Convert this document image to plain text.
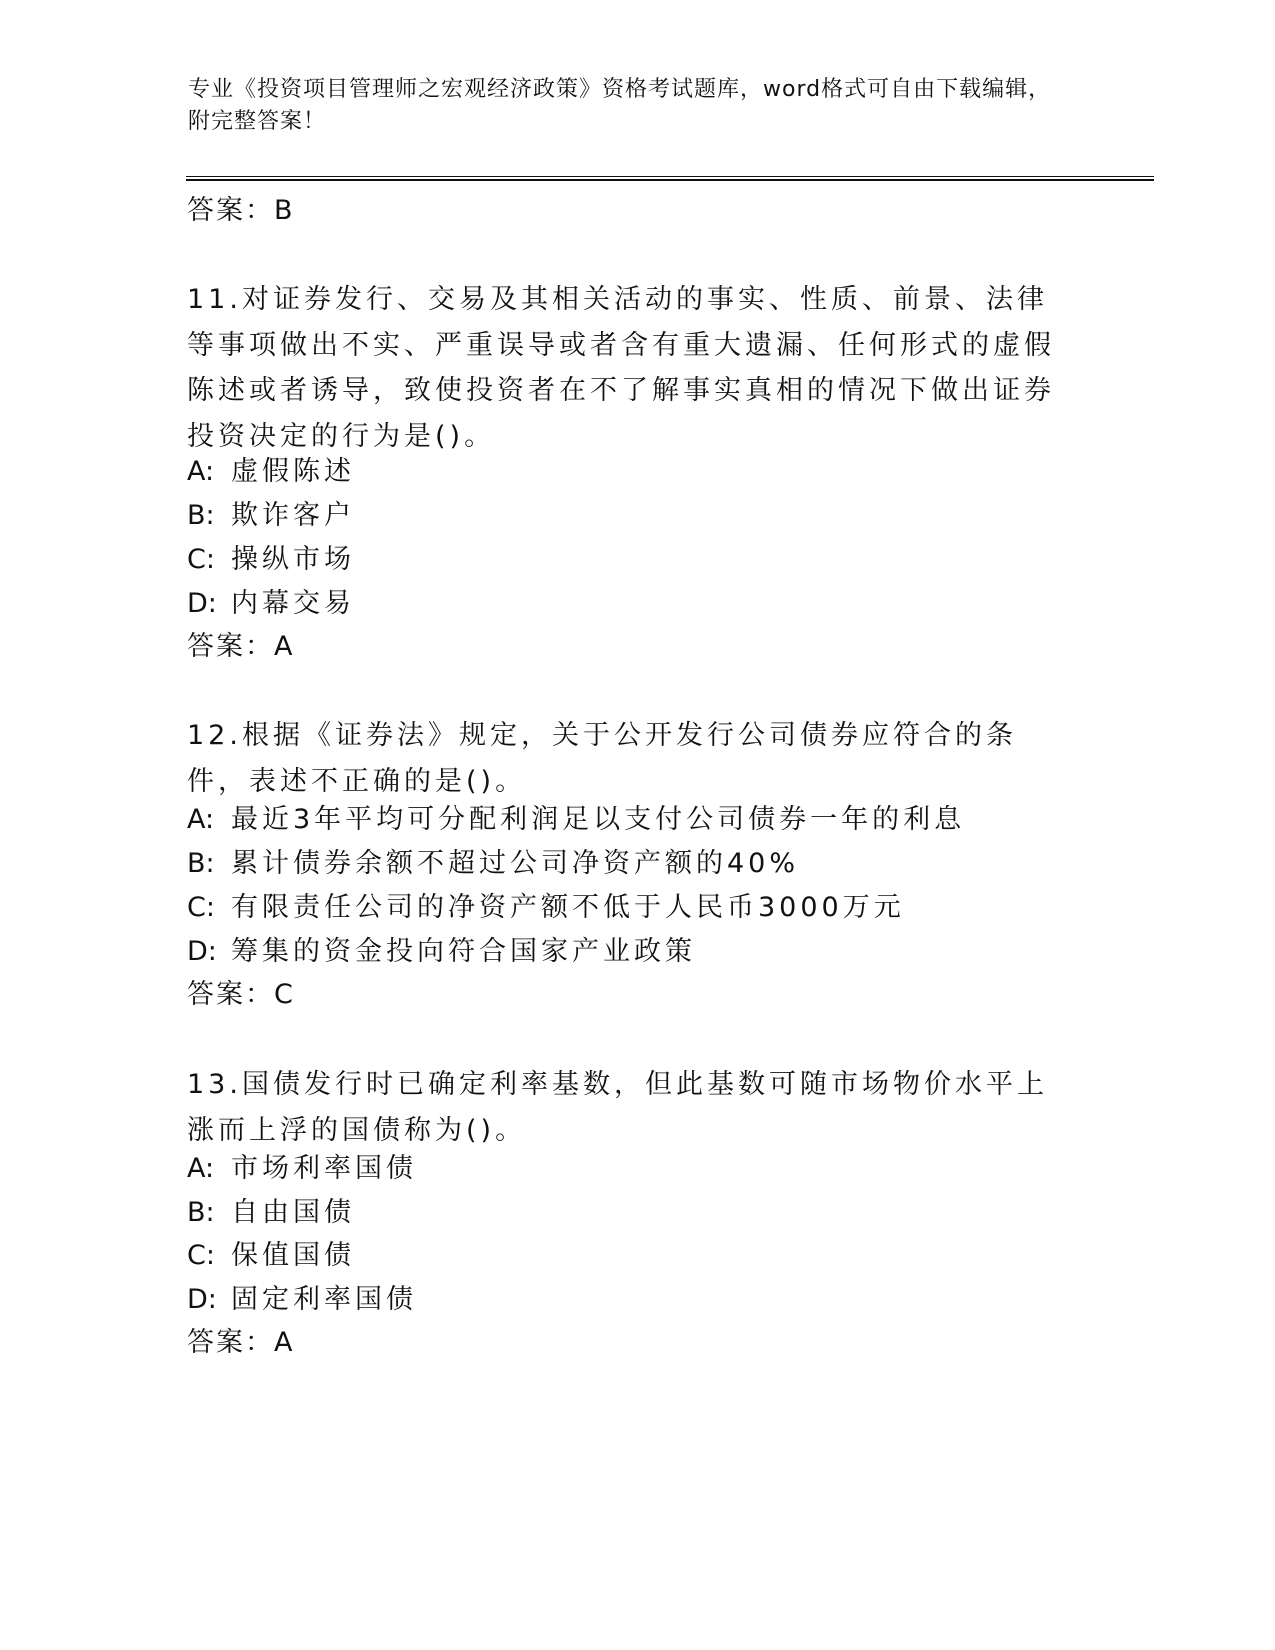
专业《投资项目管理师之宏观经济政策》资格考试题库，word格式可自由下载编辑，附完整答案！
答案：B
11.对证券发行、交易及其相关活动的事实、性质、前景、法律等事项做出不实、严重误导或者含有重大遗漏、任何形式的虚假陈述或者诱导，致使投资者在不了解事实真相的情况下做出证券投资决定的行为是()。
A: 虚假陈述
B: 欺诈客户
C: 操纵市场
D: 内幕交易
答案：A
12.根据《证券法》规定，关于公开发行公司债券应符合的条件，表述不正确的是()。
A: 最近3年平均可分配利润足以支付公司债券一年的利息
B: 累计债券余额不超过公司净资产额的40%
C: 有限责任公司的净资产额不低于人民币3000万元
D: 筹集的资金投向符合国家产业政策
答案：C
13.国债发行时已确定利率基数，但此基数可随市场物价水平上涨而上浮的国债称为()。
A: 市场利率国债
B: 自由国债
C: 保值国债
D: 固定利率国债
答案：A
